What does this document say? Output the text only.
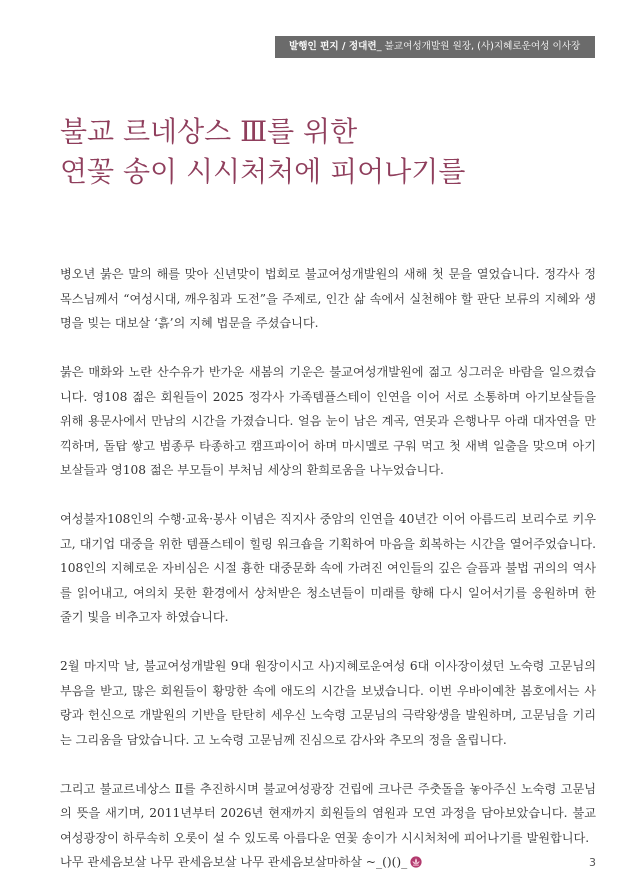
발행인 편지 / 정대련_ 불교여성개발원 원장, (사)지혜로운여성 이사장
불교 르네상스 Ⅲ를 위한
연꽃 송이 시시처처에 피어나기를

병오년 붉은 말의 해를 맞아 신년맞이 법회로 불교여성개발원의 새해 첫 문을 열었습니다. 정각사 정목스님께서 “여성시대, 깨우침과 도전”을 주제로, 인간 삶 속에서 실천해야 할 판단 보류의 지혜와 생명을 빚는 대보살 ‘흙’의 지혜 법문을 주셨습니다.

붉은 매화와 노란 산수유가 반가운 새봄의 기운은 불교여성개발원에 젊고 싱그러운 바람을 일으켰습니다. 영108 젊은 회원들이 2025 정각사 가족템플스테이 인연을 이어 서로 소통하며 아기보살들을 위해 용문사에서 만남의 시간을 가졌습니다. 얼음 눈이 남은 계곡, 연못과 은행나무 아래 대자연을 만끽하며, 돌탑 쌓고 범종루 타종하고 캠프파이어 하며 마시멜로 구워 먹고 첫 새벽 일출을 맞으며 아기보살들과 영108 젊은 부모들이 부처님 세상의 환희로움을 나누었습니다.

여성불자108인의 수행·교육·봉사 이념은 직지사 중암의 인연을 40년간 이어 아름드리 보리수로 키우고, 대기업 대중을 위한 템플스테이 힐링 워크숍을 기획하여 마음을 회복하는 시간을 열어주었습니다. 108인의 지혜로운 자비심은 시절 흉한 대중문화 속에 가려진 여인들의 깊은 슬픔과 불법 귀의의 역사를 읽어내고, 여의치 못한 환경에서 상처받은 청소년들이 미래를 향해 다시 일어서기를 응원하며 한 줄기 빛을 비추고자 하였습니다.

2월 마지막 날, 불교여성개발원 9대 원장이시고 사)지혜로운여성 6대 이사장이셨던 노숙령 고문님의 부음을 받고, 많은 회원들이 황망한 속에 애도의 시간을 보냈습니다. 이번 우바이예찬 봄호에서는 사랑과 헌신으로 개발원의 기반을 탄탄히 세우신 노숙령 고문님의 극락왕생을 발원하며, 고문님을 기리는 그리움을 담았습니다. 고 노숙령 고문님께 진심으로 감사와 추모의 정을 올립니다.

그리고 불교르네상스 Ⅱ를 추진하시며 불교여성광장 건립에 크나큰 주춧돌을 놓아주신 노숙령 고문님의 뜻을 새기며, 2011년부터 2026년 현재까지 회원들의 염원과 모연 과정을 담아보았습니다. 불교여성광장이 하루속히 오롯이 설 수 있도록 아름다운 연꽃 송이가 시시처처에 피어나기를 발원합니다.
나무 관세음보살 나무 관세음보살 나무 관세음보살마하살 ~_()()_	3
